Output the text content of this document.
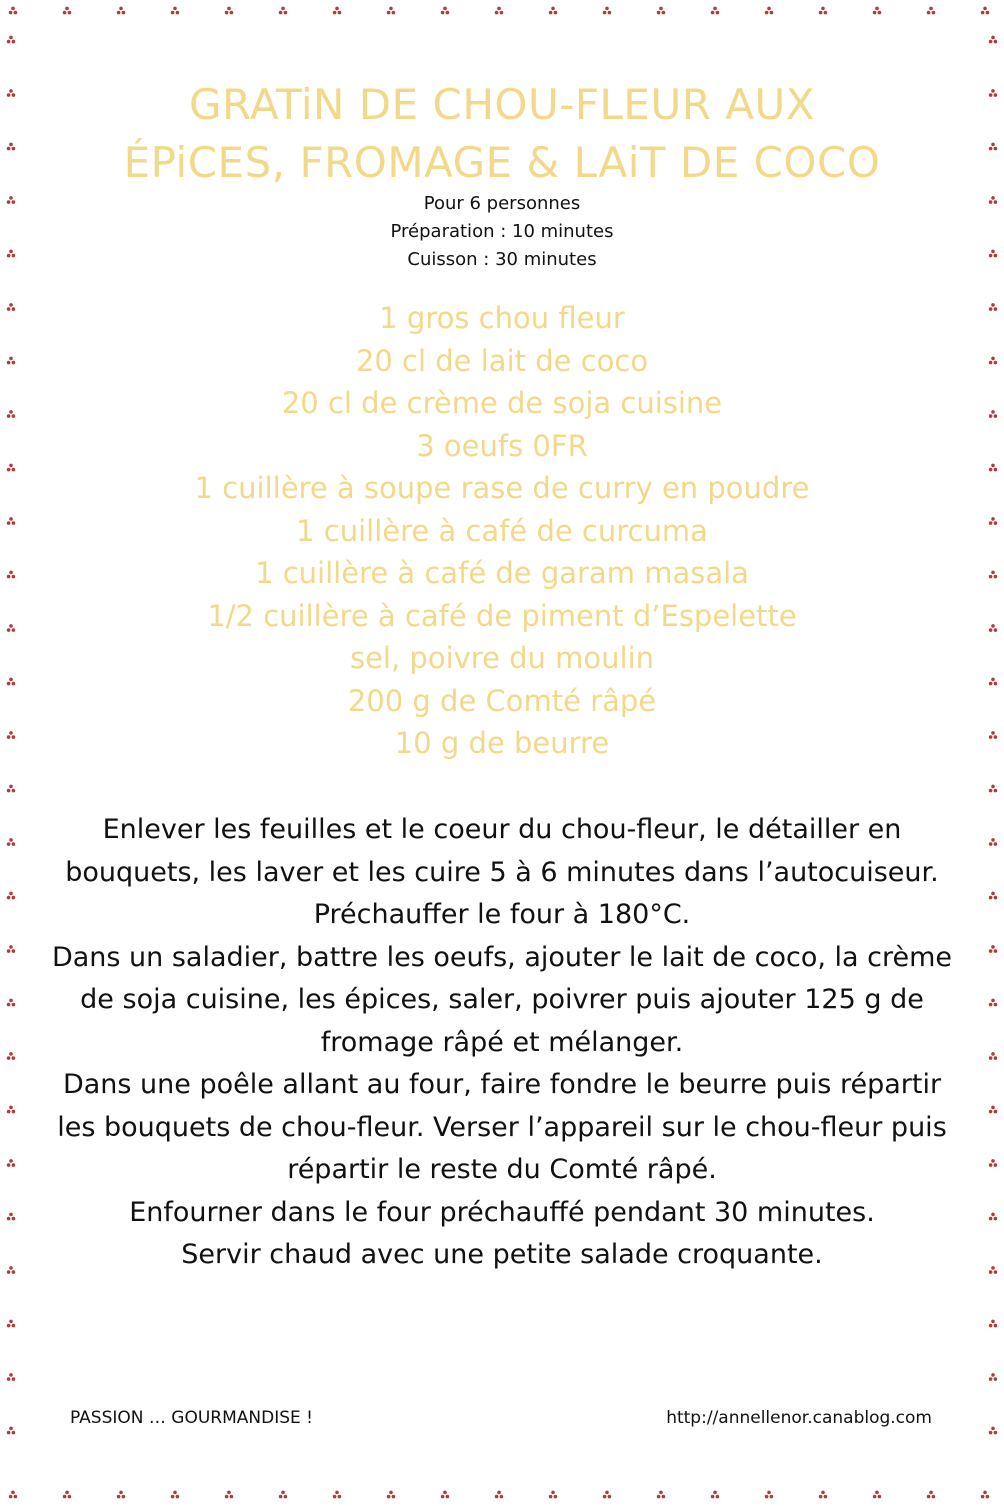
GRATiN DE CHOU-FLEUR AUX
ÉPiCES, FROMAGE & LAiT DE COCO
Pour 6 personnes
Préparation : 10 minutes
Cuisson : 30 minutes
1 gros chou fleur
20 cl de lait de coco
20 cl de crème de soja cuisine
3 oeufs 0FR
1 cuillère à soupe rase de curry en poudre
1 cuillère à café de curcuma
1 cuillère à café de garam masala
1/2 cuillère à café de piment d’Espelette
sel, poivre du moulin
200 g de Comté râpé
10 g de beurre

Enlever les feuilles et le coeur du chou-fleur, le détailler en bouquets, les laver et les cuire 5 à 6 minutes dans l’autocuiseur.

Préchauffer le four à 180°C.

Dans un saladier, battre les oeufs, ajouter le lait de coco, la crème de soja cuisine, les épices, saler, poivrer puis ajouter 125 g de fromage râpé et mélanger.

Dans une poêle allant au four, faire fondre le beurre puis répartir les bouquets de chou-fleur. Verser l’appareil sur le chou-fleur puis répartir le reste du Comté râpé.

Enfourner dans le four préchauffé pendant 30 minutes.

Servir chaud avec une petite salade croquante.

PASSION … GOURMANDISE !	http://annellenor.canablog.com
